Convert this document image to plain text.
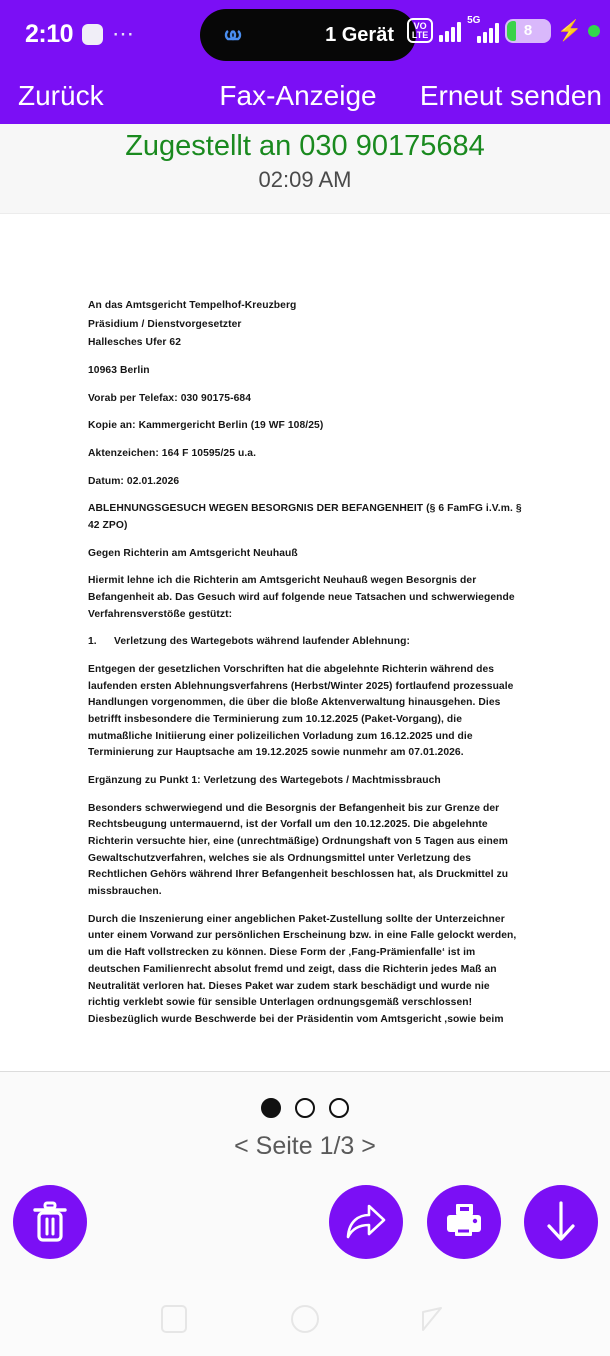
2:10 ⋯	1 Gerät VO
LTE
5G
8	⚡
Zurück	Fax-Anzeige Erneut senden
Zugestellt an 030 90175684
02:09 AM

An das Amtsgericht Tempelhof-Kreuzberg

Präsidium / Dienstvorgesetzter

Hallesches Ufer 62

10963 Berlin

Vorab per Telefax: 030 90175-684

Kopie an: Kammergericht Berlin (19 WF 108/25)

Aktenzeichen: 164 F 10595/25 u.a.

Datum: 02.01.2026

ABLEHNUNGSGESUCH WEGEN BESORGNIS DER BEFANGENHEIT (§ 6 FamFG i.V.m. § 42 ZPO)

Gegen Richterin am Amtsgericht Neuhauß

Hiermit lehne ich die Richterin am Amtsgericht Neuhauß wegen Besorgnis der Befangenheit ab. Das Gesuch wird auf folgende neue Tatsachen und schwerwiegende Verfahrensverstöße gestützt:

1. Verletzung des Wartegebots während laufender Ablehnung:

Entgegen der gesetzlichen Vorschriften hat die abgelehnte Richterin während des laufenden ersten Ablehnungsverfahrens (Herbst/Winter 2025) fortlaufend prozessuale Handlungen vorgenommen, die über die bloße Aktenverwaltung hinausgehen. Dies betrifft insbesondere die Terminierung zum 10.12.2025 (Paket-Vorgang), die mutmaßliche Initiierung einer polizeilichen Vorladung zum 16.12.2025 und die Terminierung zur Hauptsache am 19.12.2025 sowie nunmehr am 07.01.2026.

Ergänzung zu Punkt 1: Verletzung des Wartegebots / Machtmissbrauch

Besonders schwerwiegend und die Besorgnis der Befangenheit bis zur Grenze der Rechtsbeugung untermauernd, ist der Vorfall um den 10.12.2025. Die abgelehnte Richterin versuchte hier, eine (unrechtmäßige) Ordnungshaft von 5 Tagen aus einem Gewaltschutzverfahren, welches sie als Ordnungsmittel unter Verletzung des Rechtlichen Gehörs während Ihrer Befangenheit beschlossen hat, als Druckmittel zu missbrauchen.

Durch die Inszenierung einer angeblichen Paket-Zustellung sollte der Unterzeichner unter einem Vorwand zur persönlichen Erscheinung bzw. in eine Falle gelockt werden, um die Haft vollstrecken zu können. Diese Form der ‚Fang-Prämienfalle‘ ist im deutschen Familienrecht absolut fremd und zeigt, dass die Richterin jedes Maß an Neutralität verloren hat. Dieses Paket war zudem stark beschädigt und wurde nie richtig verklebt sowie für sensible Unterlagen ordnungsgemäß verschlossen! Diesbezüglich wurde Beschwerde bei der Präsidentin vom Amtsgericht ,sowie beim

< Seite 1/3 >
